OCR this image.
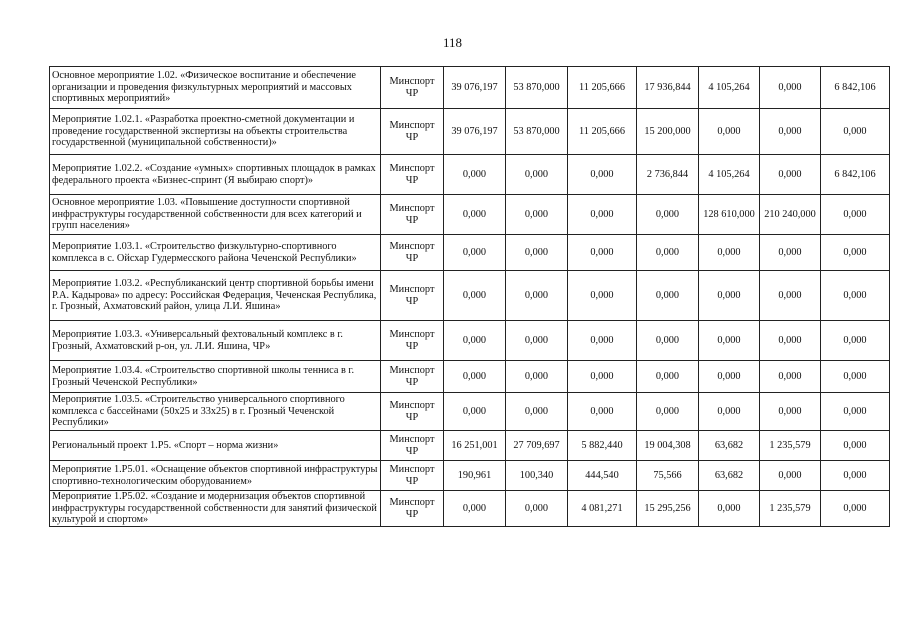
118
Основное мероприятие 1.02. «Физическое воспитание и обеспечение организации и проведения физкультурных мероприятий и массовых спортивных мероприятий»	Минспорт ЧР	39 076,197	53 870,000	11 205,666	17 936,844	4 105,264	0,000	6 842,106
Мероприятие 1.02.1. «Разработка проектно-сметной документации и проведение государственной экспертизы на объекты строительства государственной (муниципальной собственности)»	Минспорт ЧР	39 076,197	53 870,000	11 205,666	15 200,000	0,000	0,000	0,000
Мероприятие 1.02.2. «Создание «умных» спортивных площадок в рамках федерального проекта «Бизнес-спринт (Я выбираю спорт)»	Минспорт ЧР	0,000	0,000	0,000	2 736,844	4 105,264	0,000	6 842,106
Основное мероприятие 1.03. «Повышение доступности спортивной инфраструктуры государственной собственности для всех категорий и групп населения»	Минспорт ЧР	0,000	0,000	0,000	0,000	128 610,000	210 240,000	0,000
Мероприятие 1.03.1. «Строительство физкультурно-спортивного комплекса в с. Ойсхар Гудермесского района Чеченской Республики»	Минспорт ЧР	0,000	0,000	0,000	0,000	0,000	0,000	0,000
Мероприятие 1.03.2. «Республиканский центр спортивной борьбы имени Р.А. Кадырова» по адресу: Российская Федерация, Чеченская Республика, г. Грозный, Ахматовский район, улица Л.И. Яшина»	Минспорт ЧР	0,000	0,000	0,000	0,000	0,000	0,000	0,000
Мероприятие 1.03.3. «Универсальный фехтовальный комплекс в г. Грозный, Ахматовский р-он, ул. Л.И. Яшина, ЧР»	Минспорт ЧР	0,000	0,000	0,000	0,000	0,000	0,000	0,000
Мероприятие 1.03.4. «Строительство спортивной школы тенниса в г. Грозный Чеченской Республики»	Минспорт ЧР	0,000	0,000	0,000	0,000	0,000	0,000	0,000
Мероприятие 1.03.5. «Строительство универсального спортивного комплекса с бассейнами (50x25 и 33x25) в г. Грозный Чеченской Республики»	Минспорт ЧР	0,000	0,000	0,000	0,000	0,000	0,000	0,000
Региональный проект 1.P5. «Спорт – норма жизни»	Минспорт ЧР	16 251,001	27 709,697	5 882,440	19 004,308	63,682	1 235,579	0,000
Мероприятие 1.P5.01. «Оснащение объектов спортивной инфраструктуры спортивно-технологическим оборудованием»	Минспорт ЧР	190,961	100,340	444,540	75,566	63,682	0,000	0,000
Мероприятие 1.P5.02. «Создание и модернизация объектов спортивной инфраструктуры государственной собственности для занятий физической культурой и спортом»	Минспорт ЧР	0,000	0,000	4 081,271	15 295,256	0,000	1 235,579	0,000
